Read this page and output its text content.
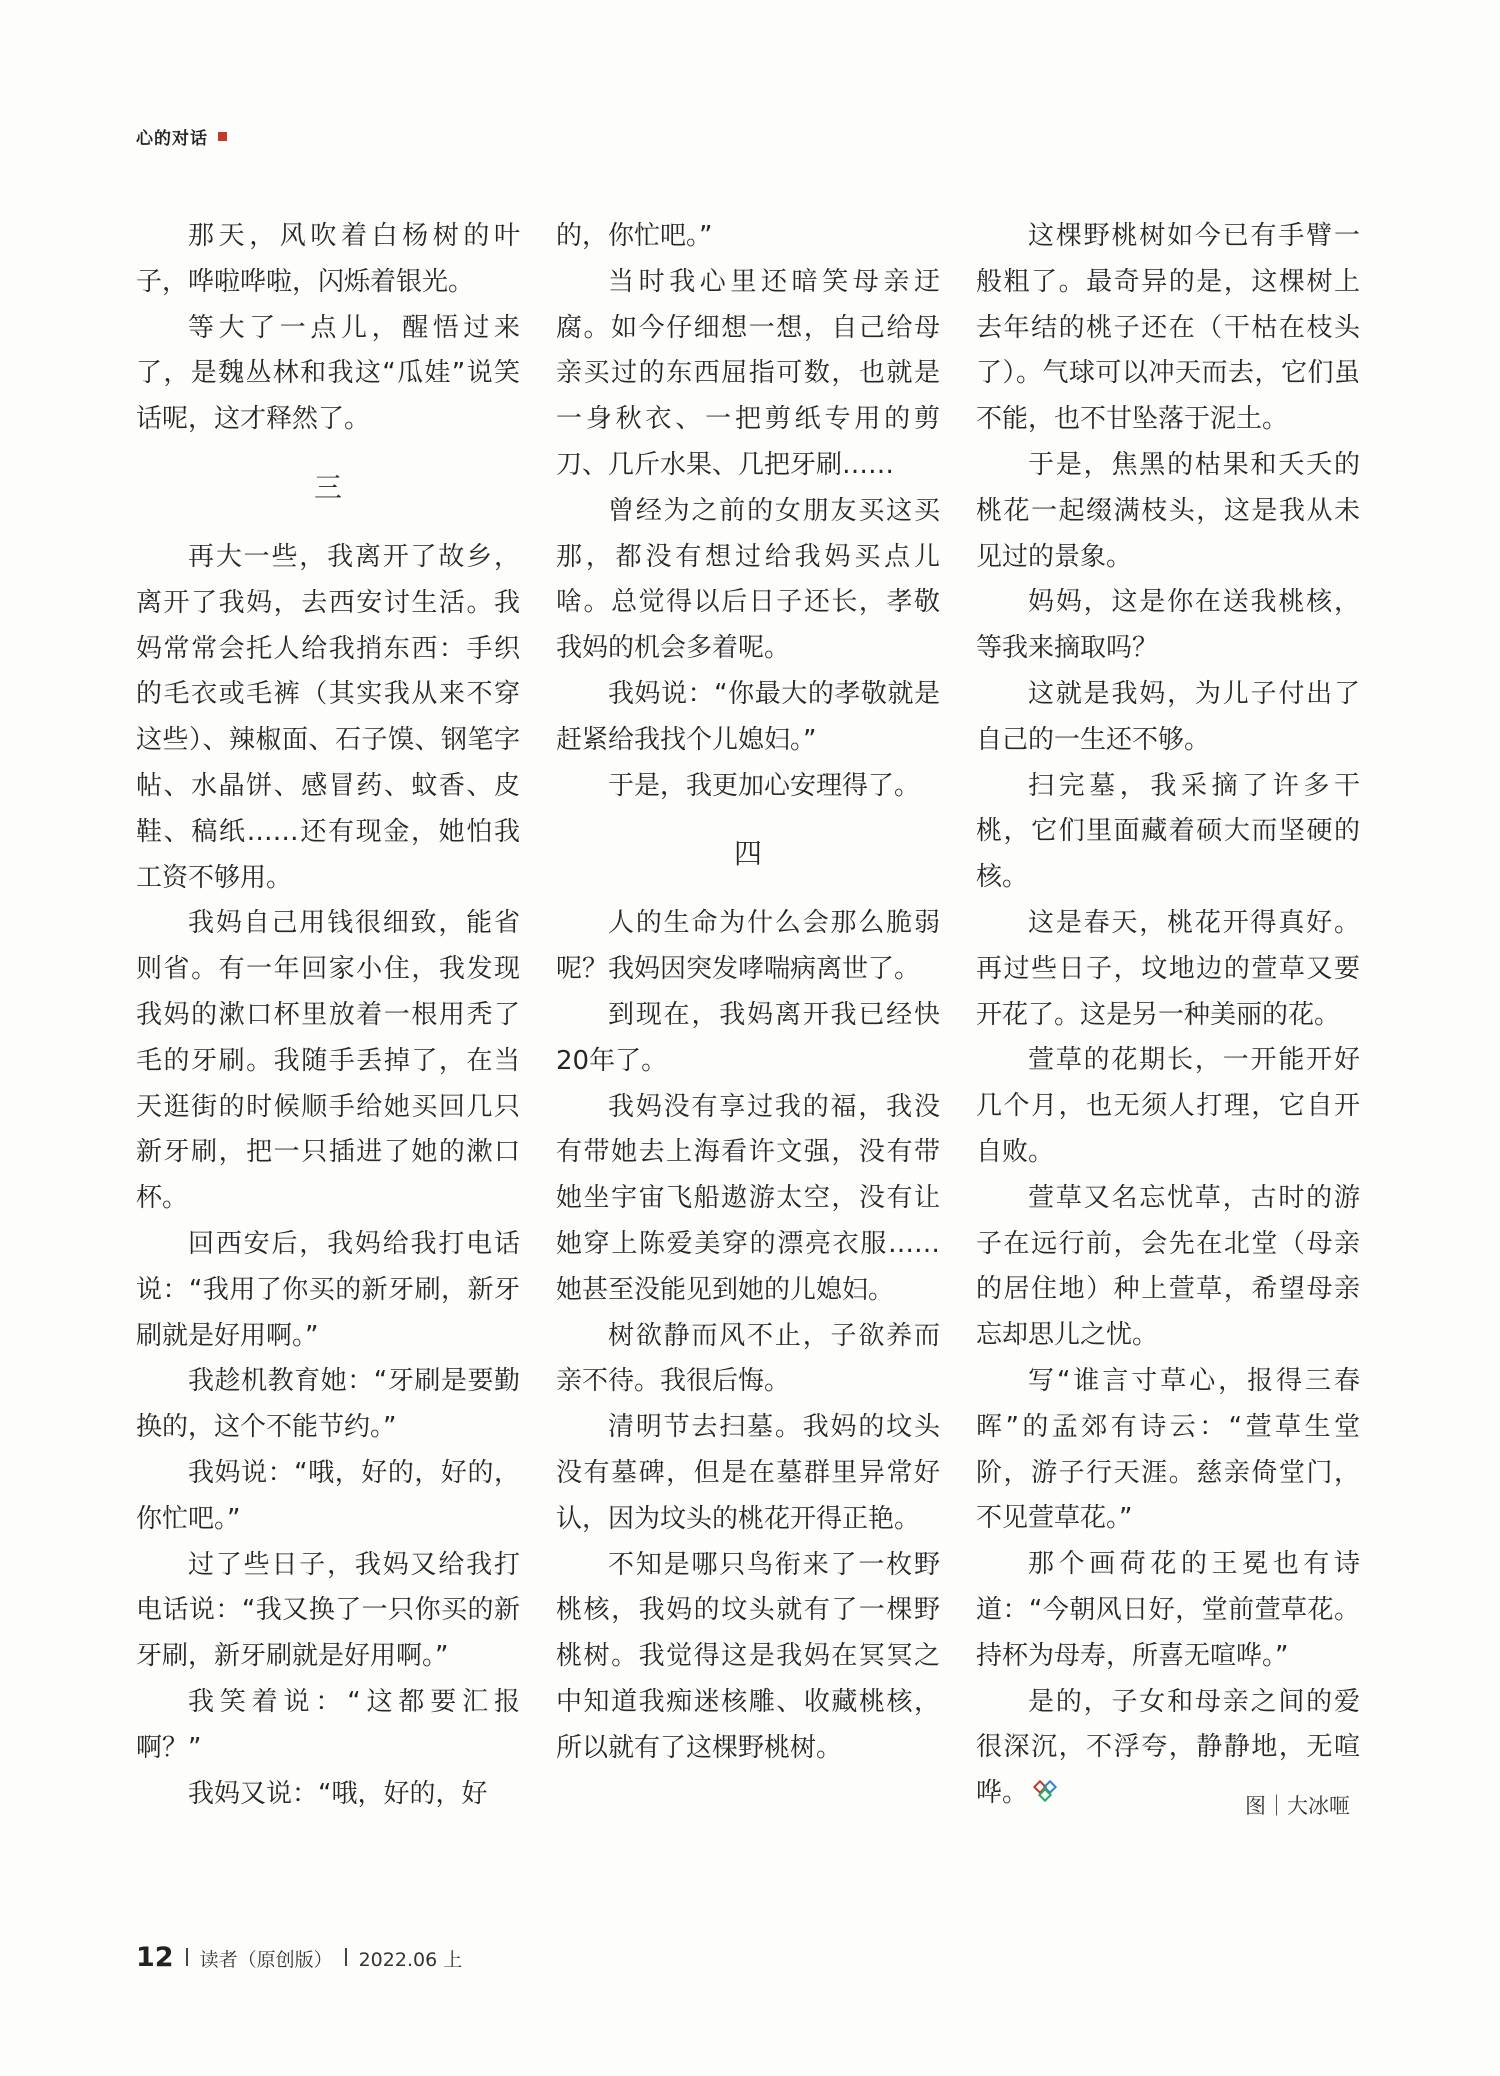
心的对话

那天，风吹着白杨树的叶子，哗啦哗啦，闪烁着银光。

等大了一点儿，醒悟过来了，是魏丛林和我这“瓜娃”说笑话呢，这才释然了。

三

再大一些，我离开了故乡，离开了我妈，去西安讨生活。我妈常常会托人给我捎东西：手织的毛衣或毛裤（其实我从来不穿这些）、辣椒面、石子馍、钢笔字帖、水晶饼、感冒药、蚊香、皮鞋、稿纸……还有现金，她怕我工资不够用。

我妈自己用钱很细致，能省则省。有一年回家小住，我发现我妈的漱口杯里放着一根用秃了毛的牙刷。我随手丢掉了，在当天逛街的时候顺手给她买回几只新牙刷，把一只插进了她的漱口杯。

回西安后，我妈给我打电话说：“我用了你买的新牙刷，新牙刷就是好用啊。”

我趁机教育她：“牙刷是要勤换的，这个不能节约。”

我妈说：“哦，好的，好的，你忙吧。”

过了些日子，我妈又给我打电话说：“我又换了一只你买的新牙刷，新牙刷就是好用啊。”

我笑着说：“这都要汇报啊？”

我妈又说：“哦，好的，好

的，你忙吧。”

当时我心里还暗笑母亲迂腐。如今仔细想一想，自己给母亲买过的东西屈指可数，也就是一身秋衣、一把剪纸专用的剪刀、几斤水果、几把牙刷……

曾经为之前的女朋友买这买那，都没有想过给我妈买点儿啥。总觉得以后日子还长，孝敬我妈的机会多着呢。

我妈说：“你最大的孝敬就是赶紧给我找个儿媳妇。”

于是，我更加心安理得了。

四

人的生命为什么会那么脆弱呢？我妈因突发哮喘病离世了。

到现在，我妈离开我已经快20年了。

我妈没有享过我的福，我没有带她去上海看许文强，没有带她坐宇宙飞船遨游太空，没有让她穿上陈爱美穿的漂亮衣服……她甚至没能见到她的儿媳妇。

树欲静而风不止，子欲养而亲不待。我很后悔。

清明节去扫墓。我妈的坟头没有墓碑，但是在墓群里异常好认，因为坟头的桃花开得正艳。

不知是哪只鸟衔来了一枚野桃核，我妈的坟头就有了一棵野桃树。我觉得这是我妈在冥冥之中知道我痴迷核雕、收藏桃核，所以就有了这棵野桃树。

这棵野桃树如今已有手臂一般粗了。最奇异的是，这棵树上去年结的桃子还在（干枯在枝头了）。气球可以冲天而去，它们虽不能，也不甘坠落于泥土。

于是，焦黑的枯果和夭夭的桃花一起缀满枝头，这是我从未见过的景象。

妈妈，这是你在送我桃核，等我来摘取吗？

这就是我妈，为儿子付出了自己的一生还不够。

扫完墓，我采摘了许多干桃，它们里面藏着硕大而坚硬的核。

这是春天，桃花开得真好。再过些日子，坟地边的萱草又要开花了。这是另一种美丽的花。

萱草的花期长，一开能开好几个月，也无须人打理，它自开自败。

萱草又名忘忧草，古时的游子在远行前，会先在北堂（母亲的居住地）种上萱草，希望母亲忘却思儿之忧。

写“谁言寸草心，报得三春晖”的孟郊有诗云：“萱草生堂阶，游子行天涯。慈亲倚堂门，不见萱草花。”

那个画荷花的王冕也有诗道：“今朝风日好，堂前萱草花。持杯为母寿，所喜无喧哗。”

是的，子女和母亲之间的爱很深沉，不浮夸，静静地，无喧哗。	图｜大冰咂
12 读者（原创版） 2022.06 上
